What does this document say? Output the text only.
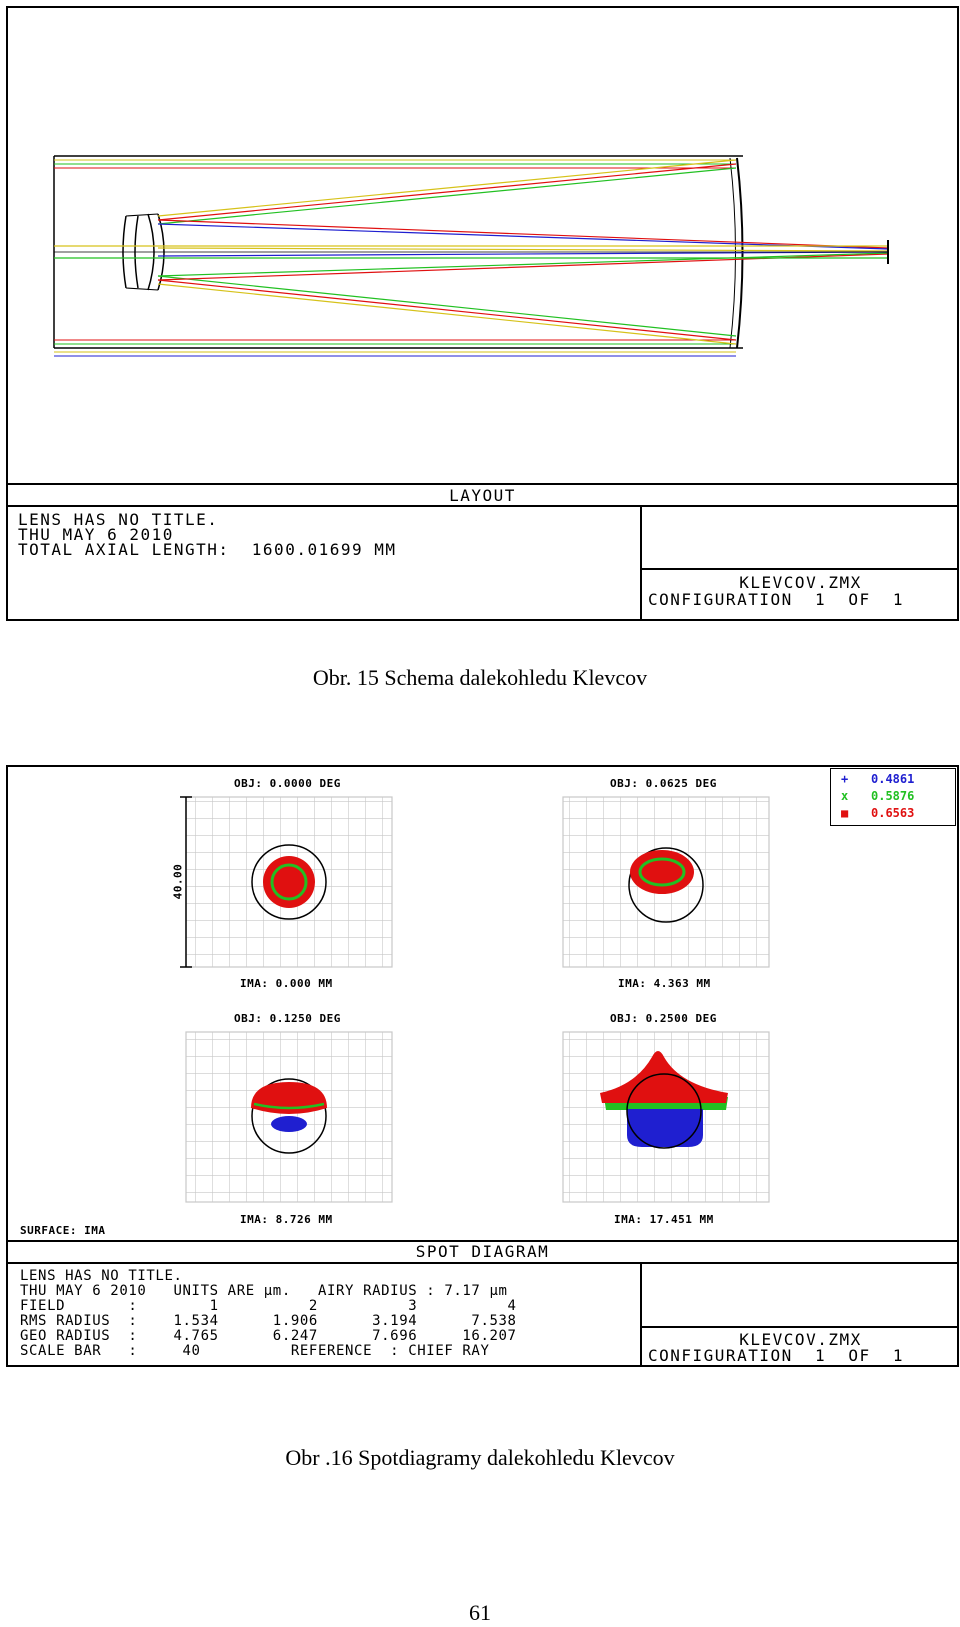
LAYOUT
LENS HAS NO TITLE.
THU MAY 6 2010
TOTAL AXIAL LENGTH:  1600.01699 MM
KLEVCOV.ZMX
CONFIGURATION  1  OF  1
Obr. 15 Schema dalekohledu Klevcov
+ 0.4861
x 0.5876
■ 0.6563
40.00
OBJ: 0.0000 DEG	OBJ: 0.0625 DEG
IMA: 0.000 MM	IMA: 4.363 MM
OBJ: 0.1250 DEG	OBJ: 0.2500 DEG
IMA: 8.726 MM	IMA: 17.451 MM
SURFACE: IMA
SPOT DIAGRAM
LENS HAS NO TITLE.
THU MAY 6 2010   UNITS ARE µm.   AIRY RADIUS : 7.17 µm
FIELD       :        1          2          3          4
RMS RADIUS  :    1.534      1.906      3.194      7.538
GEO RADIUS  :    4.765      6.247      7.696     16.207
SCALE BAR   :     40          REFERENCE  : CHIEF RAY
KLEVCOV.ZMX
CONFIGURATION  1  OF  1
Obr .16 Spotdiagramy dalekohledu Klevcov
61
